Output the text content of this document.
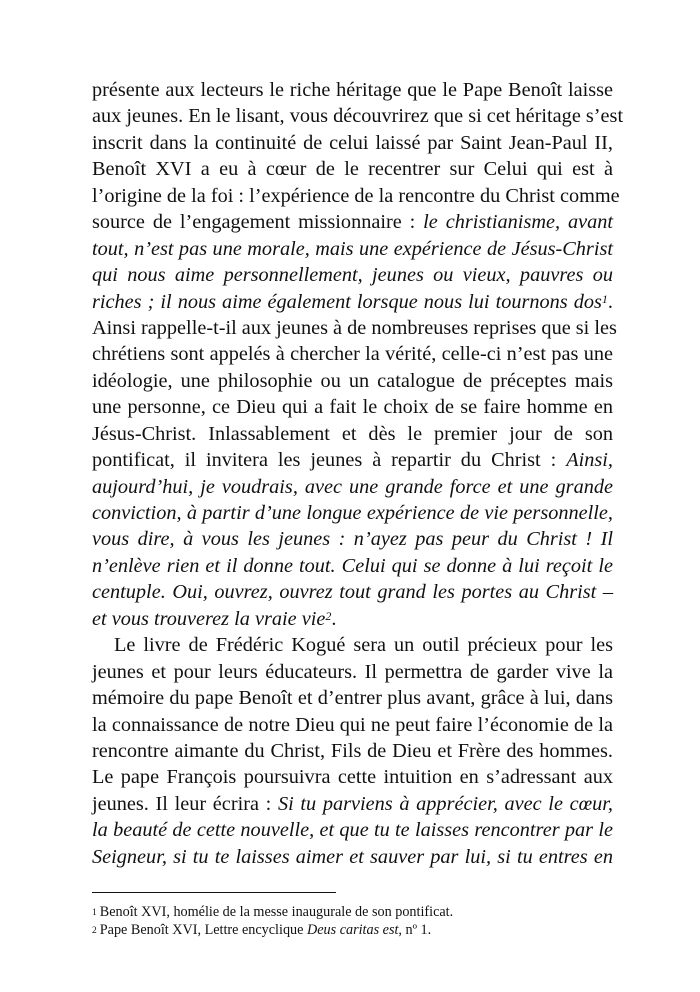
présente aux lecteurs le riche héritage que le Pape Benoît laisse
aux jeunes. En le lisant, vous découvrirez que si cet héritage s’est
inscrit dans la continuité de celui laissé par Saint Jean-Paul II,
Benoît XVI a eu à cœur de le recentrer sur Celui qui est à
l’origine de la foi : l’expérience de la rencontre du Christ comme
source de l’engagement missionnaire : le christianisme, avant
tout, n’est pas une morale, mais une expérience de Jésus-Christ
qui nous aime personnellement, jeunes ou vieux, pauvres ou
riches ; il nous aime également lorsque nous lui tournons dos$^1$.
Ainsi rappelle-t-il aux jeunes à de nombreuses reprises que si les
chrétiens sont appelés à chercher la vérité, celle-ci n’est pas une
idéologie, une philosophie ou un catalogue de préceptes mais
une personne, ce Dieu qui a fait le choix de se faire homme en
Jésus-Christ. Inlassablement et dès le premier jour de son
pontificat, il invitera les jeunes à repartir du Christ : Ainsi,
aujourd’hui, je voudrais, avec une grande force et une grande
conviction, à partir d’une longue expérience de vie personnelle,
vous dire, à vous les jeunes : n’ayez pas peur du Christ ! Il
n’enlève rien et il donne tout. Celui qui se donne à lui reçoit le
centuple. Oui, ouvrez, ouvrez tout grand les portes au Christ –
et vous trouverez la vraie vie$^2$.
Le livre de Frédéric Kogué sera un outil précieux pour les
jeunes et pour leurs éducateurs. Il permettra de garder vive la
mémoire du pape Benoît et d’entrer plus avant, grâce à lui, dans
la connaissance de notre Dieu qui ne peut faire l’économie de la
rencontre aimante du Christ, Fils de Dieu et Frère des hommes.
Le pape François poursuivra cette intuition en s’adressant aux
jeunes. Il leur écrira : Si tu parviens à apprécier, avec le cœur,
la beauté de cette nouvelle, et que tu te laisses rencontrer par le
Seigneur, si tu te laisses aimer et sauver par lui, si tu entres en
$^1$ Benoît XVI, homélie de la messe inaugurale de son pontificat.
$^2$ Pape Benoît XVI, Lettre encyclique Deus caritas est, nº 1.
